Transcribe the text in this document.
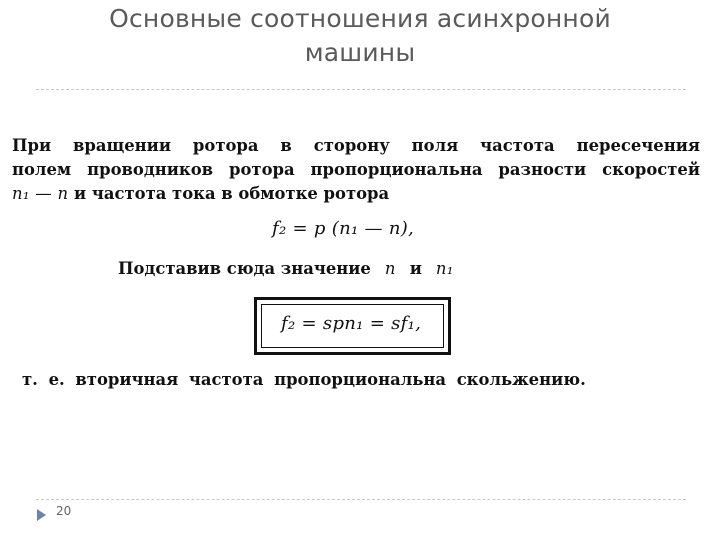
Основные соотношения асинхронной машины
При вращении ротора в сторону поля частота пересечения
полем проводников ротора пропорциональна разности скоростей
n₁ — n и частота тока в обмотке ротора
f₂ = p (n₁ — n),
Подставив сюда значение n и n₁
f₂ = spn₁ = sf₁,
т. е. вторичная частота пропорциональна скольжению.
20
